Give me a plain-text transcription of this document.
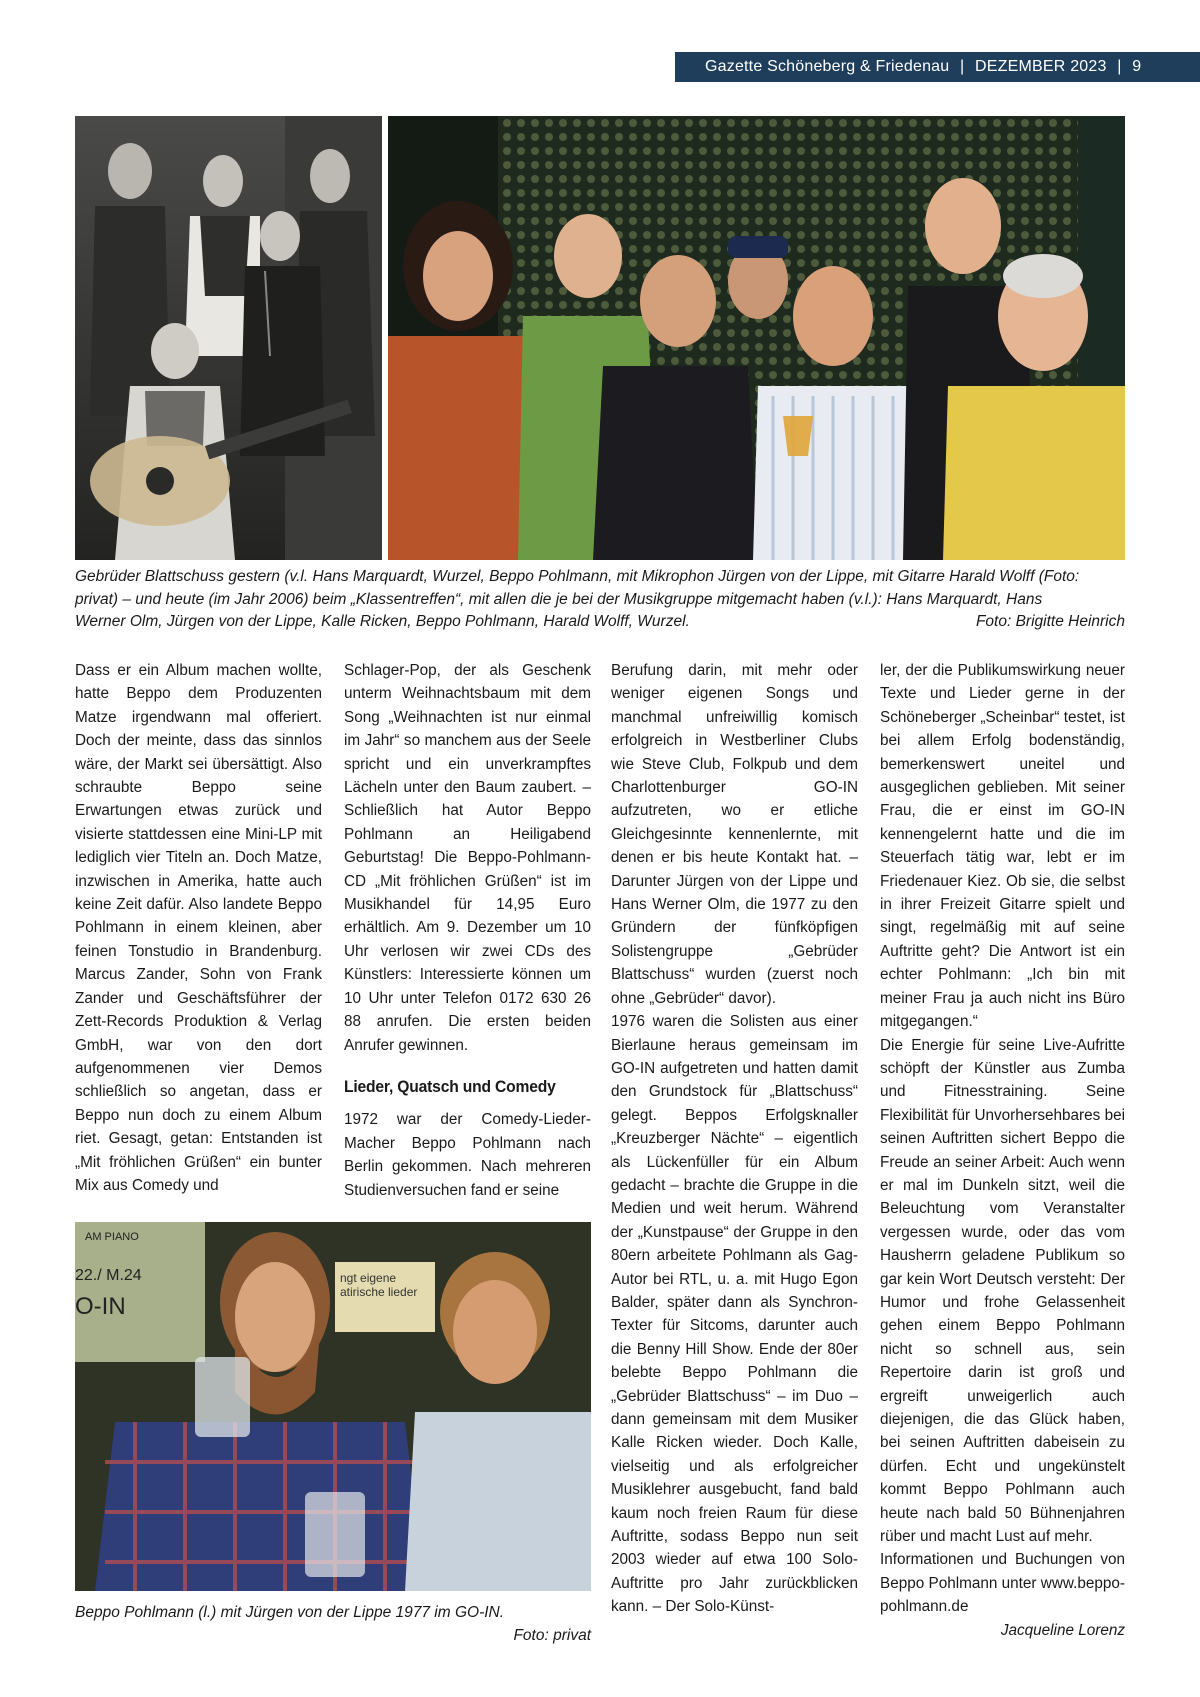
Gazette Schöneberg & Friedenau | DEZEMBER 2023 | 9
Gebrüder Blattschuss gestern (v.l. Hans Marquardt, Wurzel, Beppo Pohlmann, mit Mikrophon Jürgen von der Lippe, mit Gitarre Harald Wolff (Foto:
privat) – und heute (im Jahr 2006) beim „Klassentreffen“, mit allen die je bei der Musikgruppe mitgemacht haben (v.l.): Hans Marquardt, Hans
Werner Olm, Jürgen von der Lippe, Kalle Ricken, Beppo Pohlmann, Harald Wolff, Wurzel.	Foto: Brigitte Heinrich

Dass er ein Album machen wollte, hatte Beppo dem Produzenten Matze irgendwann mal offeriert. Doch der meinte, dass das sinnlos wäre, der Markt sei übersättigt. Also schraubte Beppo seine Erwartungen etwas zurück und visierte stattdessen eine Mini-LP mit lediglich vier Titeln an. Doch Matze, inzwischen in Amerika, hatte auch keine Zeit dafür. Also landete Beppo Pohlmann in einem kleinen, aber feinen Tonstudio in Brandenburg. Marcus Zander, Sohn von Frank Zander und Geschäftsführer der Zett-Records Produktion & Verlag GmbH, war von den dort aufgenommenen vier Demos schließlich so angetan, dass er Beppo nun doch zu einem Album riet. Gesagt, getan: Entstanden ist „Mit fröhlichen Grüßen“ ein bunter Mix aus Comedy und

Schlager-Pop, der als Geschenk unterm Weihnachtsbaum mit dem Song „Weihnachten ist nur einmal im Jahr“ so manchem aus der Seele spricht und ein unverkrampftes Lächeln unter den Baum zaubert. – Schließlich hat Autor Beppo Pohlmann an Heiligabend Geburtstag! Die Beppo-Pohlmann-CD „Mit fröhlichen Grüßen“ ist im Musikhandel für 14,95 Euro erhältlich. Am 9. Dezember um 10 Uhr verlosen wir zwei CDs des Künstlers: Interessierte können um 10 Uhr unter Telefon 0172 630 26 88 anrufen. Die ersten beiden Anrufer gewinnen.

Lieder, Quatsch und Comedy

1972 war der Comedy-Lieder-Macher Beppo Pohlmann nach Berlin gekommen. Nach mehreren Studienversuchen fand er seine

AM PIANO
22./ M.24
O-IN
ngt eigene
atirische lieder
Beppo Pohlmann (l.) mit Jürgen von der Lippe 1977 im GO-IN.
Foto: privat

Berufung darin, mit mehr oder weniger eigenen Songs und manchmal unfreiwillig komisch erfolgreich in Westberliner Clubs wie Steve Club, Folkpub und dem Charlottenburger GO-IN aufzutreten, wo er etliche Gleichgesinnte kennenlernte, mit denen er bis heute Kontakt hat. – Darunter Jürgen von der Lippe und Hans Werner Olm, die 1977 zu den Gründern der fünfköpfigen Solistengruppe „Gebrüder Blattschuss“ wurden (zuerst noch ohne „Gebrüder“ davor).

1976 waren die Solisten aus einer Bierlaune heraus gemeinsam im GO-IN aufgetreten und hatten damit den Grundstock für „Blattschuss“ gelegt. Beppos Erfolgsknaller „Kreuzberger Nächte“ – eigentlich als Lückenfüller für ein Album gedacht – brachte die Gruppe in die Medien und weit herum. Während der „Kunstpause“ der Gruppe in den 80ern arbeitete Pohlmann als Gag-Autor bei RTL, u. a. mit Hugo Egon Balder, später dann als Synchron-Texter für Sitcoms, darunter auch die Benny Hill Show. Ende der 80er belebte Beppo Pohlmann die „Gebrüder Blattschuss“ – im Duo – dann gemeinsam mit dem Musiker Kalle Ricken wieder. Doch Kalle, vielseitig und als erfolgreicher Musiklehrer ausgebucht, fand bald kaum noch freien Raum für diese Auftritte, sodass Beppo nun seit 2003 wieder auf etwa 100 Solo-Auftritte pro Jahr zurückblicken kann. – Der Solo-Künst-

ler, der die Publikumswirkung neuer Texte und Lieder gerne in der Schöneberger „Scheinbar“ testet, ist bei allem Erfolg bodenständig, bemerkenswert uneitel und ausgeglichen geblieben. Mit seiner Frau, die er einst im GO-IN kennengelernt hatte und die im Steuerfach tätig war, lebt er im Friedenauer Kiez. Ob sie, die selbst in ihrer Freizeit Gitarre spielt und singt, regelmäßig mit auf seine Auftritte geht? Die Antwort ist ein echter Pohlmann: „Ich bin mit meiner Frau ja auch nicht ins Büro mitgegangen.“

Die Energie für seine Live-Aufritte schöpft der Künstler aus Zumba und Fitnesstraining. Seine Flexibilität für Unvorhersehbares bei seinen Auftritten sichert Beppo die Freude an seiner Arbeit: Auch wenn er mal im Dunkeln sitzt, weil die Beleuchtung vom Veranstalter vergessen wurde, oder das vom Hausherrn geladene Publikum so gar kein Wort Deutsch versteht: Der Humor und frohe Gelassenheit gehen einem Beppo Pohlmann nicht so schnell aus, sein Repertoire darin ist groß und ergreift unweigerlich auch diejenigen, die das Glück haben, bei seinen Auftritten dabeisein zu dürfen. Echt und ungekünstelt kommt Beppo Pohlmann auch heute nach bald 50 Bühnenjahren rüber und macht Lust auf mehr.

Informationen und Buchungen von Beppo Pohlmann unter www.beppo-pohlmann.de

Jacqueline Lorenz
